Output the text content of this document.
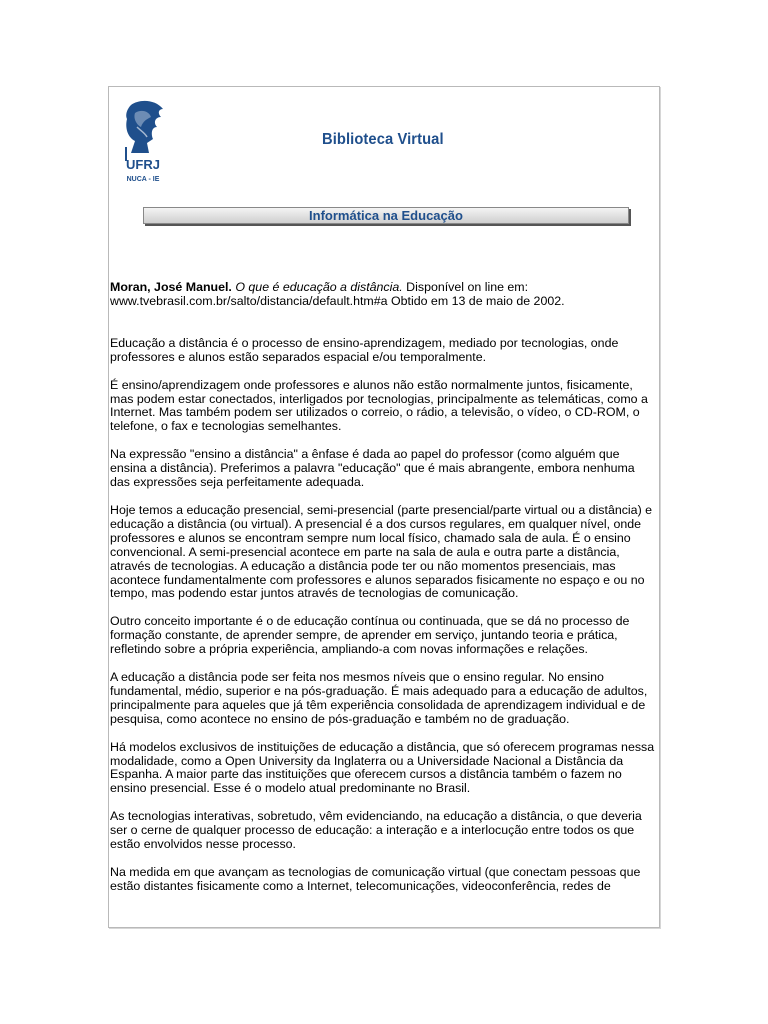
UFRJ
NUCA - IE
Biblioteca Virtual
Informática na Educação

Moran, José Manuel. O que é educação a distância. Disponível on line em:
www.tvebrasil.com.br/salto/distancia/default.htm#a Obtido em 13 de maio de 2002.

Educação a distância é o processo de ensino-aprendizagem, mediado por tecnologias, onde professores e alunos estão separados espacial e/ou temporalmente.

É ensino/aprendizagem onde professores e alunos não estão normalmente juntos, fisicamente, mas podem estar conectados, interligados por tecnologias, principalmente as telemáticas, como a Internet. Mas também podem ser utilizados o correio, o rádio, a televisão, o vídeo, o CD-ROM, o telefone, o fax e tecnologias semelhantes.

Na expressão "ensino a distância" a ênfase é dada ao papel do professor (como alguém que ensina a distância). Preferimos a palavra "educação" que é mais abrangente, embora nenhuma das expressões seja perfeitamente adequada.

Hoje temos a educação presencial, semi-presencial (parte presencial/parte virtual ou a distância) e educação a distância (ou virtual). A presencial é a dos cursos regulares, em qualquer nível, onde professores e alunos se encontram sempre num local físico, chamado sala de aula. É o ensino convencional. A semi-presencial acontece em parte na sala de aula e outra parte a distância, através de tecnologias. A educação a distância pode ter ou não momentos presenciais, mas acontece fundamentalmente com professores e alunos separados fisicamente no espaço e ou no tempo, mas podendo estar juntos através de tecnologias de comunicação.

Outro conceito importante é o de educação contínua ou continuada, que se dá no processo de formação constante, de aprender sempre, de aprender em serviço, juntando teoria e prática, refletindo sobre a própria experiência, ampliando-a com novas informações e relações.

A educação a distância pode ser feita nos mesmos níveis que o ensino regular. No ensino fundamental, médio, superior e na pós-graduação. É mais adequado para a educação de adultos, principalmente para aqueles que já têm experiência consolidada de aprendizagem individual e de pesquisa, como acontece no ensino de pós-graduação e também no de graduação.

Há modelos exclusivos de instituições de educação a distância, que só oferecem programas nessa modalidade, como a Open University da Inglaterra ou a Universidade Nacional a Distância da Espanha. A maior parte das instituições que oferecem cursos a distância também o fazem no ensino presencial. Esse é o modelo atual predominante no Brasil.

As tecnologias interativas, sobretudo, vêm evidenciando, na educação a distância, o que deveria ser o cerne de qualquer processo de educação: a interação e a interlocução entre todos os que estão envolvidos nesse processo.

Na medida em que avançam as tecnologias de comunicação virtual (que conectam pessoas que estão distantes fisicamente como a Internet, telecomunicações, videoconferência, redes de
